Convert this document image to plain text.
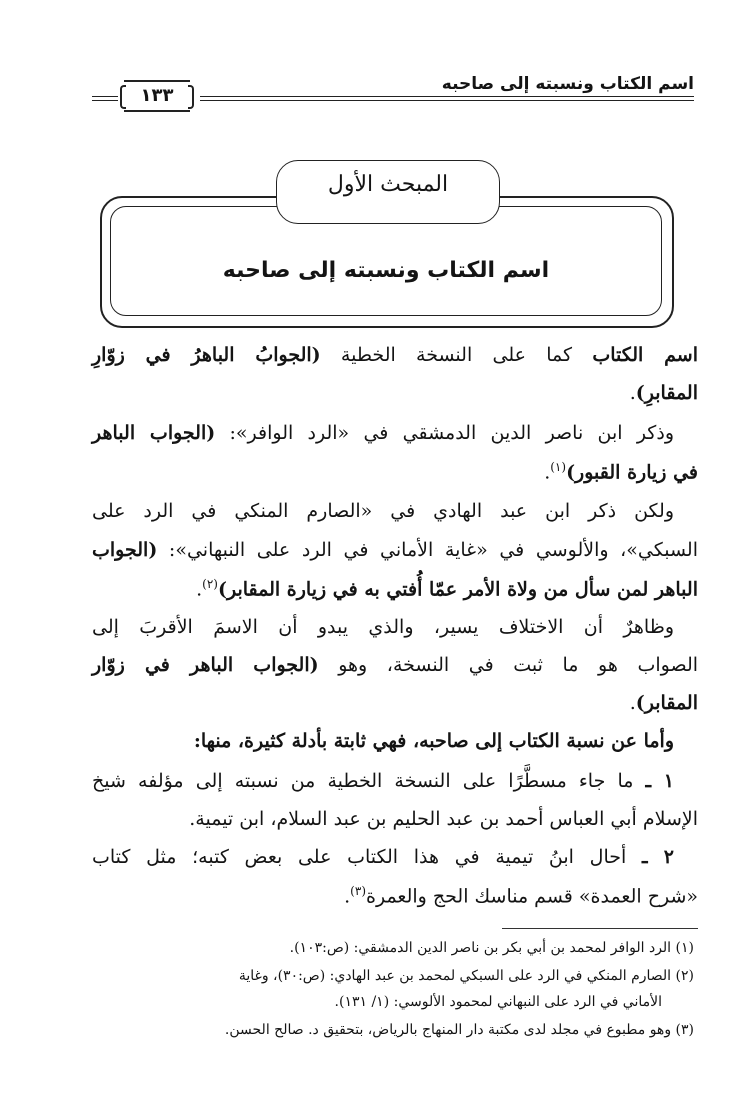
اسم الكتاب ونسبته إلى صاحبه
١٣٣
المبحث الأول
اسم الكتاب ونسبته إلى صاحبه
اسم الكتاب كما على النسخة الخطية (الجوابُ الباهرُ في زوّارِ
المقابرِ).
وذكر ابن ناصر الدين الدمشقي في «الرد الوافر»: (الجواب الباهر
في زيارة القبور)$^{(١)}$.
ولكن ذكر ابن عبد الهادي في «الصارم المنكي في الرد على
السبكي»، والألوسي في «غاية الأماني في الرد على النبهاني»: (الجواب
الباهر لمن سأل من ولاة الأمر عمّا أُفتي به في زيارة المقابر)$^{(٢)}$.
وظاهرٌ أن الاختلاف يسير، والذي يبدو أن الاسمَ الأقربَ إلى
الصواب هو ما ثبت في النسخة، وهو (الجواب الباهر في زوّار
المقابر).
وأما عن نسبة الكتاب إلى صاحبه، فهي ثابتة بأدلة كثيرة، منها:
١ ـ ما جاء مسطَّرًا على النسخة الخطية من نسبته إلى مؤلفه شيخ
الإسلام أبي العباس أحمد بن عبد الحليم بن عبد السلام، ابن تيمية.
٢ ـ أحال ابنُ تيمية في هذا الكتاب على بعض كتبه؛ مثل كتاب
«شرح العمدة» قسم مناسك الحج والعمرة$^{(٣)}$.
(١) الرد الوافر لمحمد بن أبي بكر بن ناصر الدين الدمشقي: (ص:١٠٣).
(٢) الصارم المنكي في الرد على السبكي لمحمد بن عبد الهادي: (ص:٣٠)، وغاية
الأماني في الرد على النبهاني لمحمود الألوسي: (١/ ١٣١).
(٣) وهو مطبوع في مجلد لدى مكتبة دار المنهاج بالرياض، بتحقيق د. صالح الحسن.
